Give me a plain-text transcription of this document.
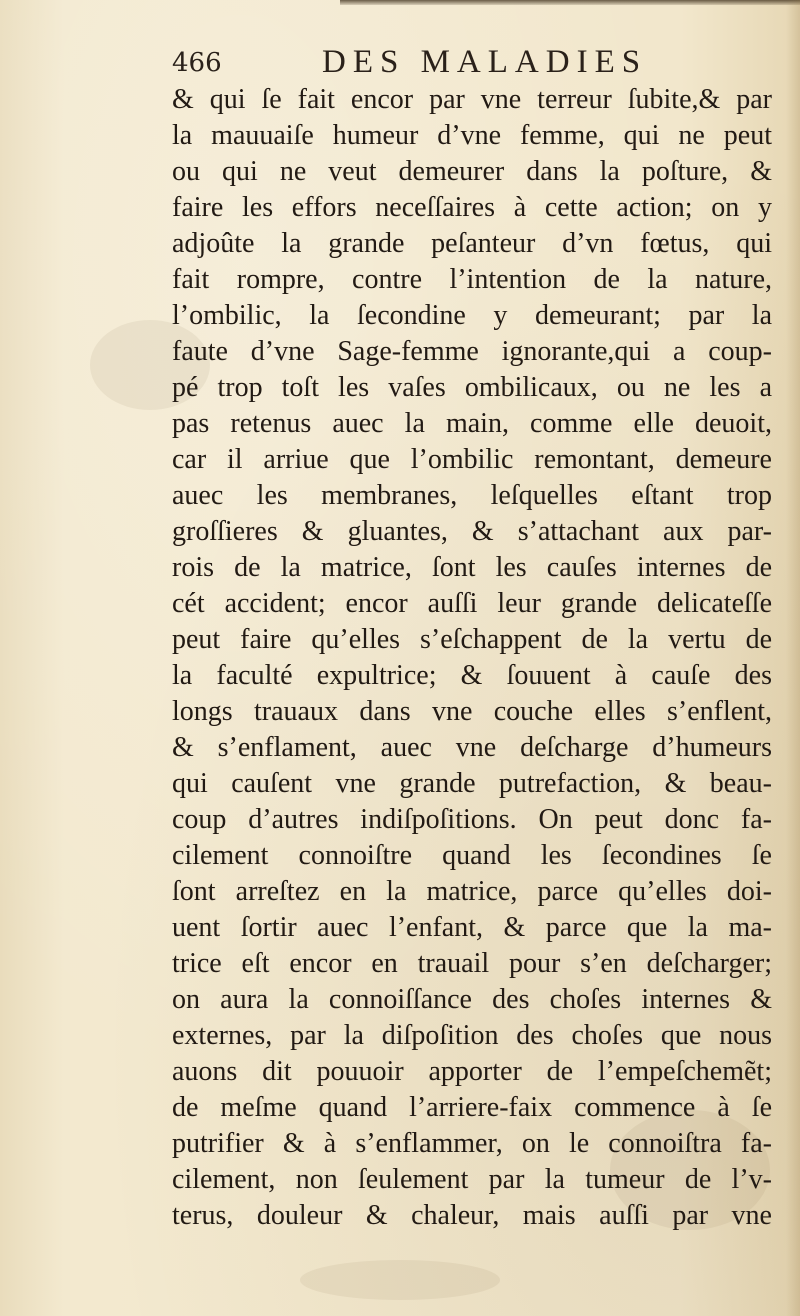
466	DES MALADIES
& qui ſe fait encor par vne terreur ſubite,& par
la mauuaiſe humeur d’vne femme, qui ne peut
ou qui ne veut demeurer dans la poſture, &
faire les effors neceſſaires à cette action; on y
adjoûte la grande peſanteur d’vn fœtus, qui
fait rompre, contre l’intention de la nature,
l’ombilic, la ſecondine y demeurant; par la
faute d’vne Sage-femme ignorante,qui a coup-
pé trop toſt les vaſes ombilicaux, ou ne les a
pas retenus auec la main, comme elle deuoit,
car il arriue que l’ombilic remontant, demeure
auec les membranes, leſquelles eſtant trop
groſſieres & gluantes, & s’attachant aux par-
rois de la matrice, ſont les cauſes internes de
cét accident; encor auſſi leur grande delicateſſe
peut faire qu’elles s’eſchappent de la vertu de
la faculté expultrice; & ſouuent à cauſe des
longs trauaux dans vne couche elles s’enflent,
& s’enflament, auec vne deſcharge d’humeurs
qui cauſent vne grande putrefaction, & beau-
coup d’autres indiſpoſitions. On peut donc fa-
cilement connoiſtre quand les ſecondines ſe
ſont arreſtez en la matrice, parce qu’elles doi-
uent ſortir auec l’enfant, & parce que la ma-
trice eſt encor en trauail pour s’en deſcharger;
on aura la connoiſſance des choſes internes &
externes, par la diſpoſition des choſes que nous
auons dit pouuoir apporter de l’empeſchemẽt;
de meſme quand l’arriere-faix commence à ſe
putrifier & à s’enflammer, on le connoiſtra fa-
cilement, non ſeulement par la tumeur de l’v-
terus, douleur & chaleur, mais auſſi par vne
